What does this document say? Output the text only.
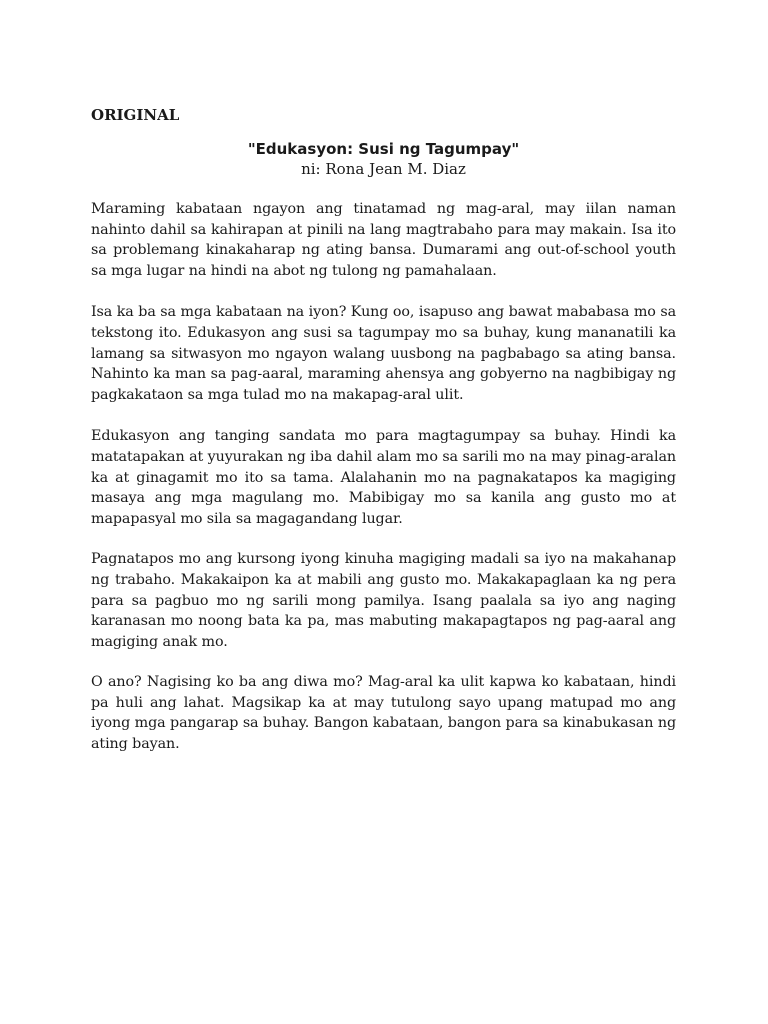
ORIGINAL

"Edukasyon: Susi ng Tagumpay"

ni: Rona Jean M. Diaz

Maraming kabataan ngayon ang tinatamad ng mag-aral, may iilan naman nahinto dahil sa kahirapan at pinili na lang magtrabaho para may makain. Isa ito sa problemang kinakaharap ng ating bansa. Dumarami ang out-of-school youth sa mga lugar na hindi na abot ng tulong ng pamahalaan.

Isa ka ba sa mga kabataan na iyon? Kung oo, isapuso ang bawat mababasa mo sa tekstong ito. Edukasyon ang susi sa tagumpay mo sa buhay, kung mananatili ka lamang sa sitwasyon mo ngayon walang uusbong na pagbabago sa ating bansa. Nahinto ka man sa pag-aaral, maraming ahensya ang gobyerno na nagbibigay ng pagkakataon sa mga tulad mo na makapag-aral ulit.

Edukasyon ang tanging sandata mo para magtagumpay sa buhay. Hindi ka matatapakan at yuyurakan ng iba dahil alam mo sa sarili mo na may pinag-aralan ka at ginagamit mo ito sa tama. Alalahanin mo na pagnakatapos ka magiging masaya ang mga magulang mo. Mabibigay mo sa kanila ang gusto mo at mapapasyal mo sila sa magagandang lugar.

Pagnatapos mo ang kursong iyong kinuha magiging madali sa iyo na makahanap ng trabaho. Makakaipon ka at mabili ang gusto mo. Makakapaglaan ka ng pera para sa pagbuo mo ng sarili mong pamilya. Isang paalala sa iyo ang naging karanasan mo noong bata ka pa, mas mabuting makapagtapos ng pag-aaral ang magiging anak mo.

O ano? Nagising ko ba ang diwa mo? Mag-aral ka ulit kapwa ko kabataan, hindi pa huli ang lahat. Magsikap ka at may tutulong sayo upang matupad mo ang iyong mga pangarap sa buhay. Bangon kabataan, bangon para sa kinabukasan ng ating bayan.
